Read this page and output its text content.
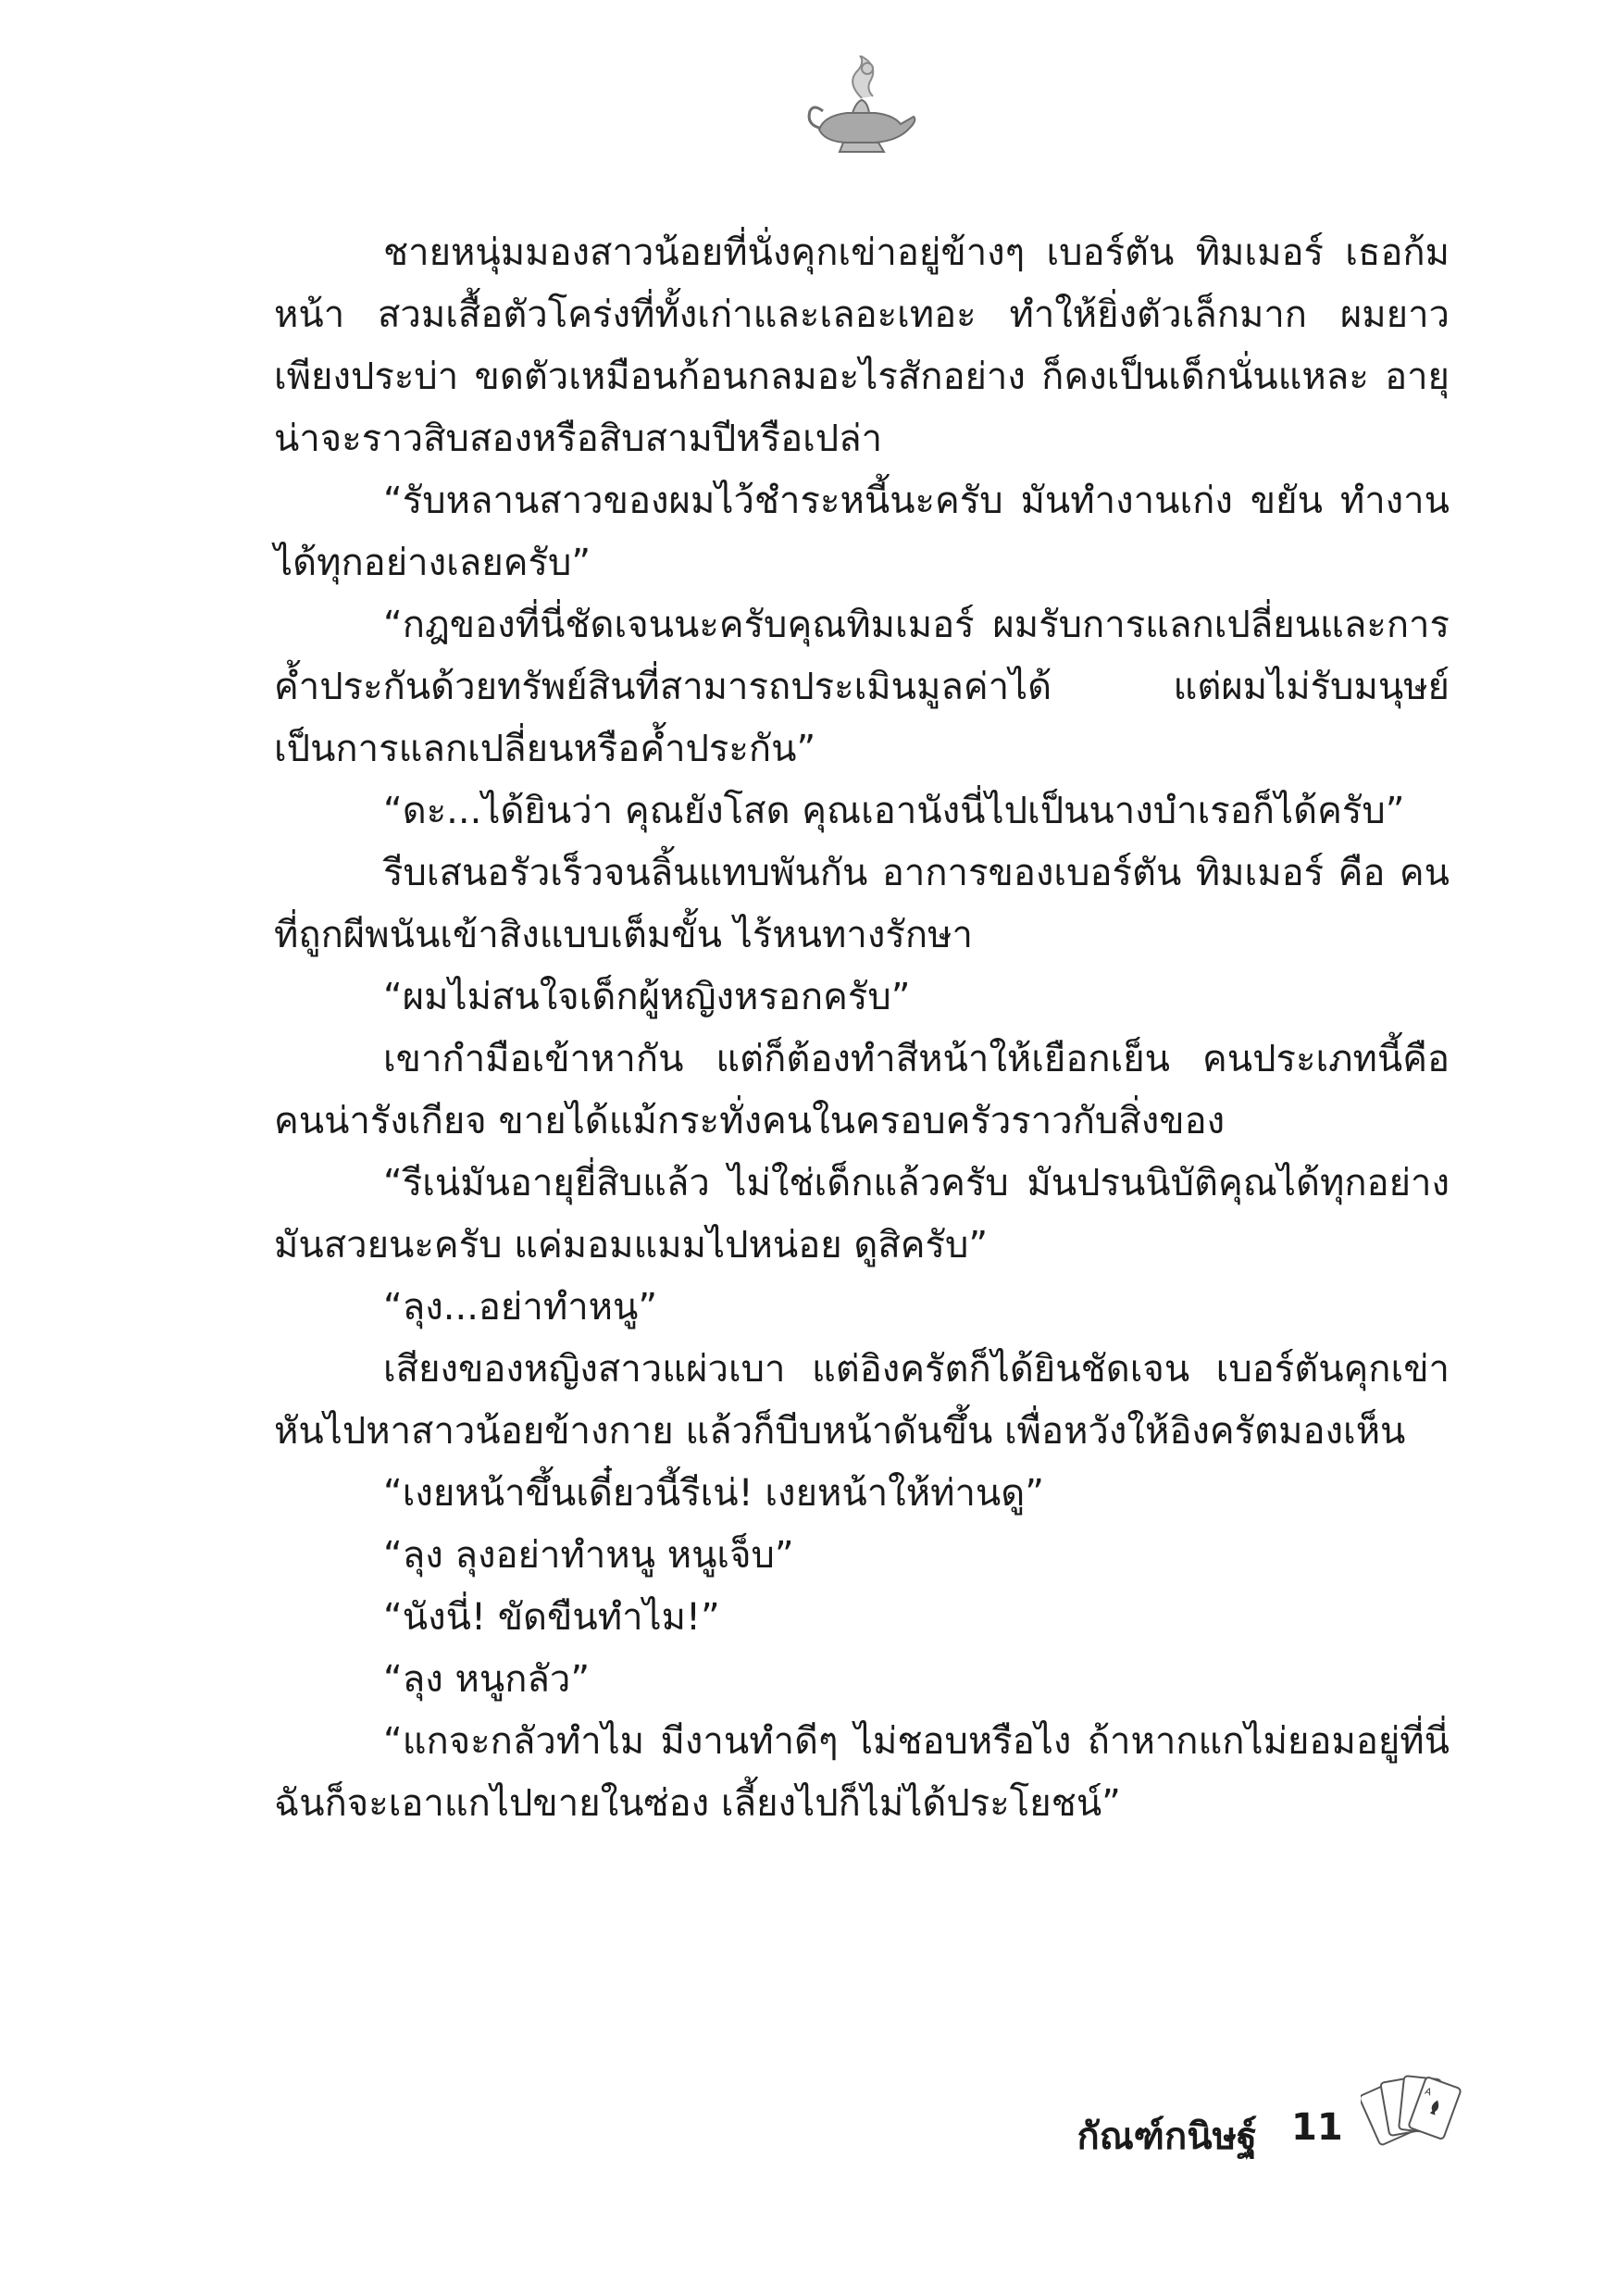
ชายหนุ่มมองสาวน้อยที่นั่งคุกเข่าอยู่ข้างๆ เบอร์ตัน ทิมเมอร์ เธอก้มหน้า สวมเสื้อตัวโคร่งที่ทั้งเก่าและเลอะเทอะ ทำให้ยิ่งตัวเล็กมาก ผมยาวเพียงประบ่า ขดตัวเหมือนก้อนกลมอะไรสักอย่าง ก็คงเป็นเด็กนั่นแหละ อายุน่าจะราวสิบสองหรือสิบสามปีหรือเปล่า

“รับหลานสาวของผมไว้ชำระหนี้นะครับ มันทำงานเก่ง ขยัน ทำงานได้ทุกอย่างเลยครับ”

“กฎของที่นี่ชัดเจนนะครับคุณทิมเมอร์ ผมรับการแลกเปลี่ยนและการค้ำประกันด้วยทรัพย์สินที่สามารถประเมินมูลค่าได้ แต่ผมไม่รับมนุษย์เป็นการแลกเปลี่ยนหรือค้ำประกัน”

“ดะ...ได้ยินว่า คุณยังโสด คุณเอานังนี่ไปเป็นนางบำเรอก็ได้ครับ”

รีบเสนอรัวเร็วจนลิ้นแทบพันกัน อาการของเบอร์ตัน ทิมเมอร์ คือ คนที่ถูกผีพนันเข้าสิงแบบเต็มขั้น ไร้หนทางรักษา

“ผมไม่สนใจเด็กผู้หญิงหรอกครับ”

เขากำมือเข้าหากัน แต่ก็ต้องทำสีหน้าให้เยือกเย็น คนประเภทนี้คือ คนน่ารังเกียจ ขายได้แม้กระทั่งคนในครอบครัวราวกับสิ่งของ

“รีเน่มันอายุยี่สิบแล้ว ไม่ใช่เด็กแล้วครับ มันปรนนิบัติคุณได้ทุกอย่างมันสวยนะครับ แค่มอมแมมไปหน่อย ดูสิครับ”

“ลุง...อย่าทำหนู”

เสียงของหญิงสาวแผ่วเบา แต่อิงครัตก็ได้ยินชัดเจน เบอร์ตันคุกเข่าหันไปหาสาวน้อยข้างกาย แล้วก็บีบหน้าดันขึ้น เพื่อหวังให้อิงครัตมองเห็น

“เงยหน้าขึ้นเดี๋ยวนี้รีเน่! เงยหน้าให้ท่านดู”

“ลุง ลุงอย่าทำหนู หนูเจ็บ”

“นังนี่! ขัดขืนทำไม!”

“ลุง หนูกลัว”

“แกจะกลัวทำไม มีงานทำดีๆ ไม่ชอบหรือไง ถ้าหากแกไม่ยอมอยู่ที่นี่ ฉันก็จะเอาแกไปขายในซ่อง เลี้ยงไปก็ไม่ได้ประโยชน์”

กัณฑ์กนิษฐ์ 11
A
